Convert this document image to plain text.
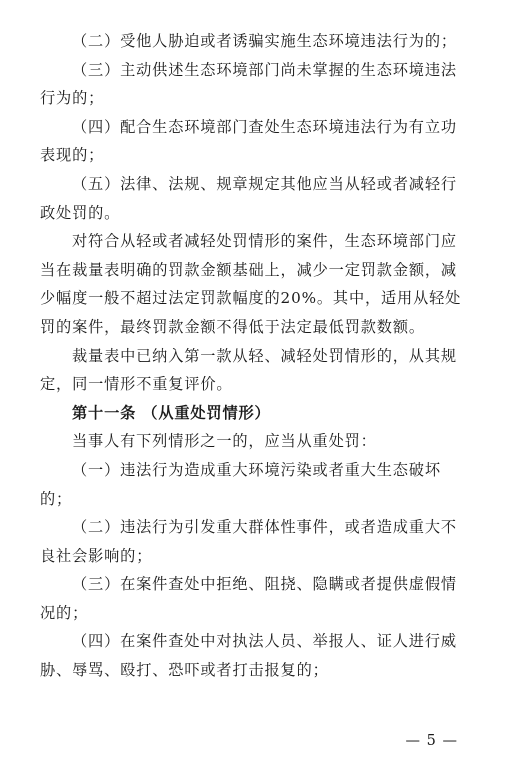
（二）受他人胁迫或者诱骗实施生态环境违法行为的；

（三）主动供述生态环境部门尚未掌握的生态环境违法行为的；

（四）配合生态环境部门查处生态环境违法行为有立功表现的；

（五）法律、法规、规章规定其他应当从轻或者减轻行政处罚的。

对符合从轻或者减轻处罚情形的案件，生态环境部门应当在裁量表明确的罚款金额基础上，减少一定罚款金额，减少幅度一般不超过法定罚款幅度的20%。其中，适用从轻处罚的案件，最终罚款金额不得低于法定最低罚款数额。

裁量表中已纳入第一款从轻、减轻处罚情形的，从其规定，同一情形不重复评价。

第十一条 （从重处罚情形）

当事人有下列情形之一的，应当从重处罚：

（一）违法行为造成重大环境污染或者重大生态破坏的；

（二）违法行为引发重大群体性事件，或者造成重大不良社会影响的；

（三）在案件查处中拒绝、阻挠、隐瞒或者提供虚假情况的；

（四）在案件查处中对执法人员、举报人、证人进行威胁、辱骂、殴打、恐吓或者打击报复的；

— 5 —
